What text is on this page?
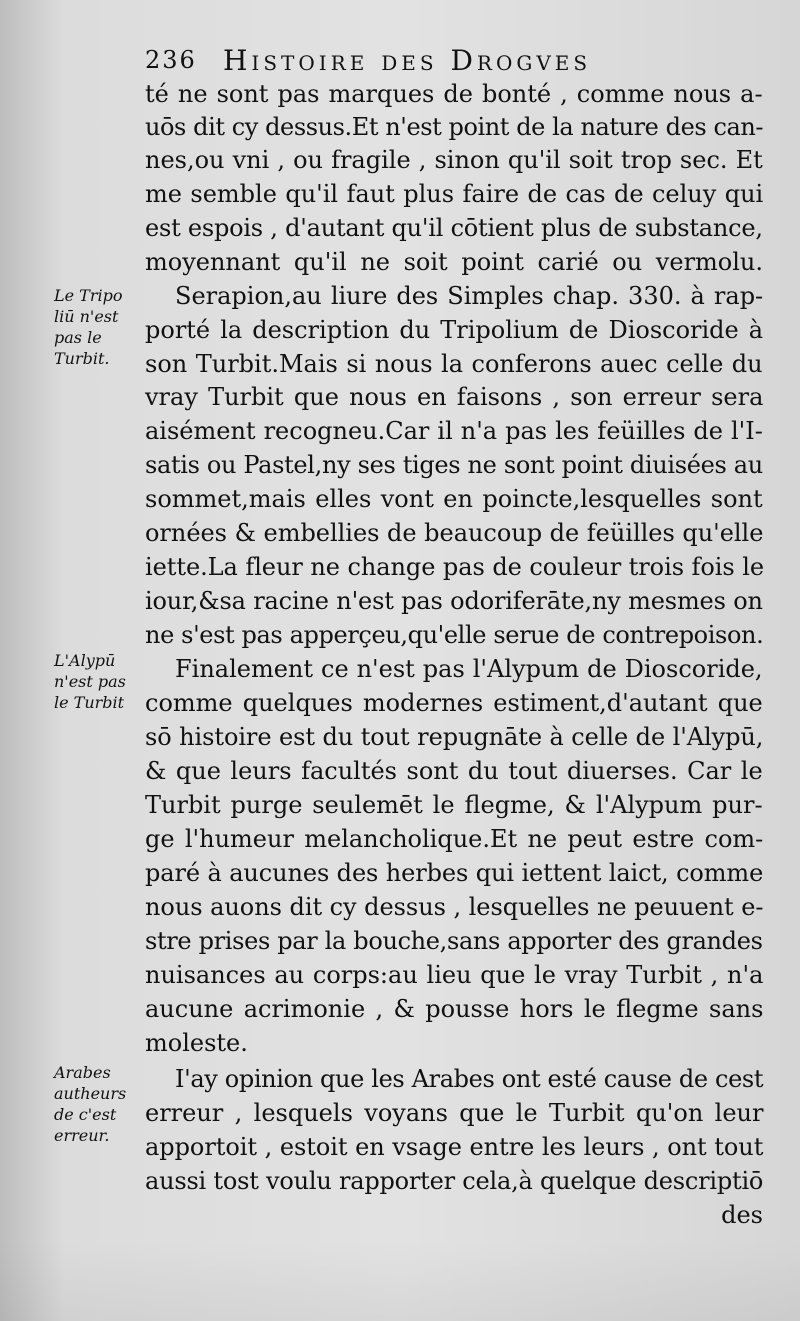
236 Histoire des Drogves
té ne sont pas marques de bonté , comme nous a-
uōs dit cy dessus.Et n'est point de la nature des can-
nes,ou vni , ou fragile , sinon qu'il soit trop sec. Et
me semble qu'il faut plus faire de cas de celuy qui
est espois , d'autant qu'il cōtient plus de substance,
moyennant qu'il ne soit point carié ou vermolu.
Serapion,au liure des Simples chap. 330. à rap-
porté la description du Tripolium de Dioscoride à
son Turbit.Mais si nous la conferons auec celle du
vray Turbit que nous en faisons , son erreur sera
aisément recogneu.Car il n'a pas les feüilles de l'I-
satis ou Pastel,ny ses tiges ne sont point diuisées au
sommet,mais elles vont en poincte,lesquelles sont
ornées & embellies de beaucoup de feüilles qu'elle
iette.La fleur ne change pas de couleur trois fois le
iour,&sa racine n'est pas odoriferāte,ny mesmes on
ne s'est pas apperçeu,qu'elle serue de contrepoison.
Finalement ce n'est pas l'Alypum de Dioscoride,
comme quelques modernes estiment,d'autant que
sō histoire est du tout repugnāte à celle de l'Alypū,
& que leurs facultés sont du tout diuerses. Car le
Turbit purge seulemēt le flegme, & l'Alypum pur-
ge l'humeur melancholique.Et ne peut estre com-
paré à aucunes des herbes qui iettent laict, comme
nous auons dit cy dessus , lesquelles ne peuuent e-
stre prises par la bouche,sans apporter des grandes
nuisances au corps:au lieu que le vray Turbit , n'a
aucune acrimonie , & pousse hors le flegme sans
moleste.
I'ay opinion que les Arabes ont esté cause de cest
erreur , lesquels voyans que le Turbit qu'on leur
apportoit , estoit en vsage entre les leurs , ont tout
aussi tost voulu rapporter cela,à quelque descriptiō
des
Le Tripo
liū n'est
pas le
Turbit.
L'Alypū
n'est pas
le Turbit
Arabes
autheurs
de c'est
erreur.
